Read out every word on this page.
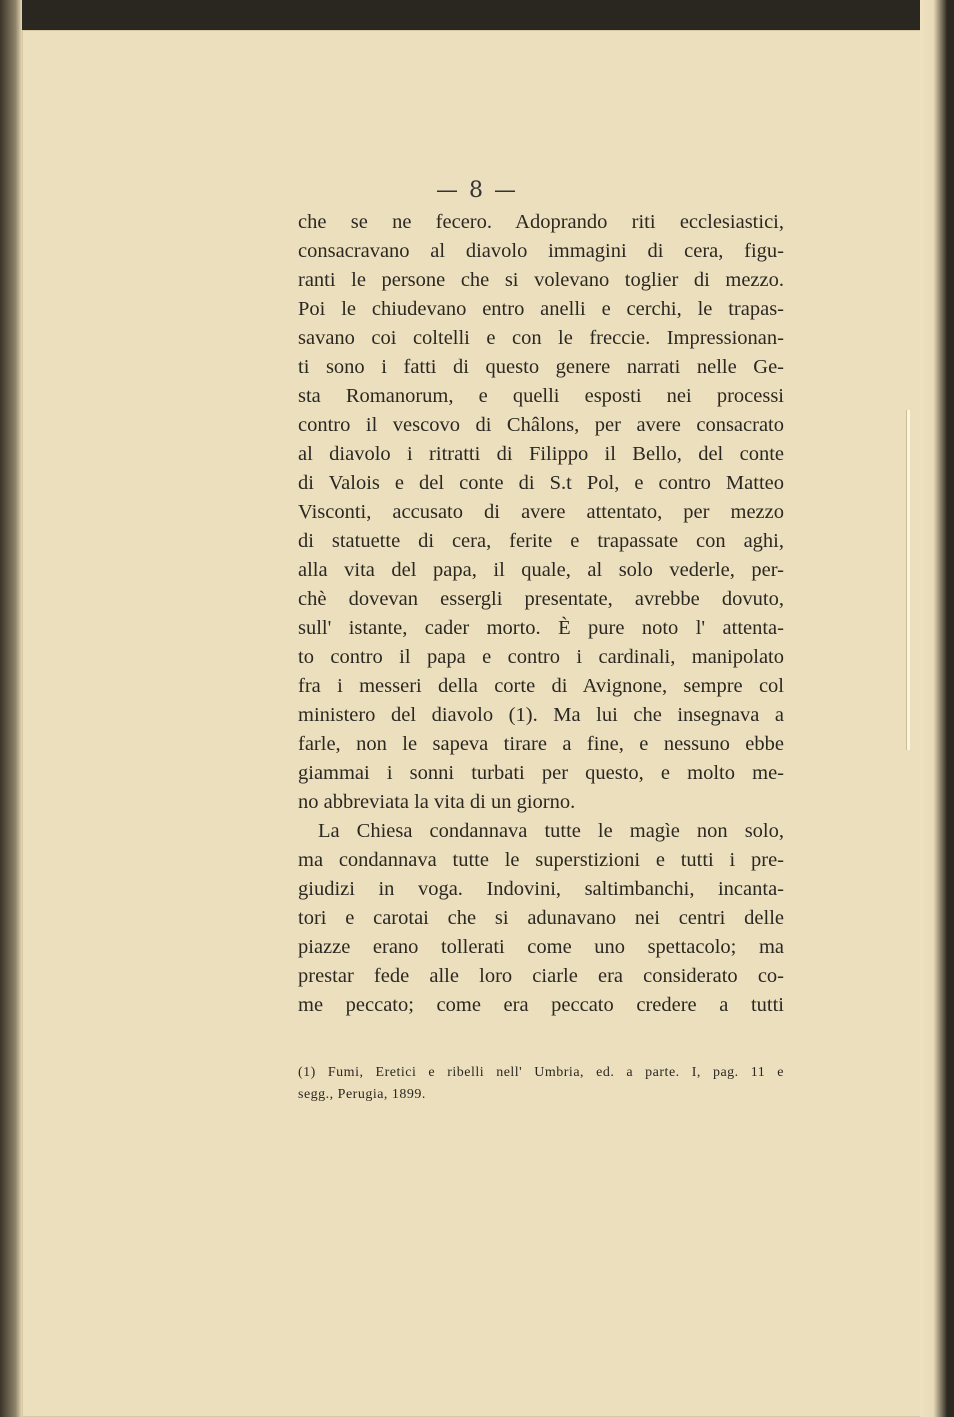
— 8 —
che se ne fecero. Adoprando riti ecclesiastici,
consacravano al diavolo immagini di cera, figu-
ranti le persone che si volevano toglier di mezzo.
Poi le chiudevano entro anelli e cerchi, le trapas-
savano coi coltelli e con le freccie. Impressionan-
ti sono i fatti di questo genere narrati nelle Ge-
sta Romanorum, e quelli esposti nei processi
contro il vescovo di Châlons, per avere consacrato
al diavolo i ritratti di Filippo il Bello, del conte
di Valois e del conte di S.t Pol, e contro Matteo
Visconti, accusato di avere attentato, per mezzo
di statuette di cera, ferite e trapassate con aghi,
alla vita del papa, il quale, al solo vederle, per-
chè dovevan essergli presentate, avrebbe dovuto,
sull' istante, cader morto. È pure noto l' attenta-
to contro il papa e contro i cardinali, manipolato
fra i messeri della corte di Avignone, sempre col
ministero del diavolo (1). Ma lui che insegnava a
farle, non le sapeva tirare a fine, e nessuno ebbe
giammai i sonni turbati per questo, e molto me-
no abbreviata la vita di un giorno.
La Chiesa condannava tutte le magìe non solo,
ma condannava tutte le superstizioni e tutti i pre-
giudizi in voga. Indovini, saltimbanchi, incanta-
tori e carotai che si adunavano nei centri delle
piazze erano tollerati come uno spettacolo; ma
prestar fede alle loro ciarle era considerato co-
me peccato; come era peccato credere a tutti
(1) Fumi, Eretici e ribelli nell' Umbria, ed. a parte. I, pag. 11 e
segg., Perugia, 1899.
